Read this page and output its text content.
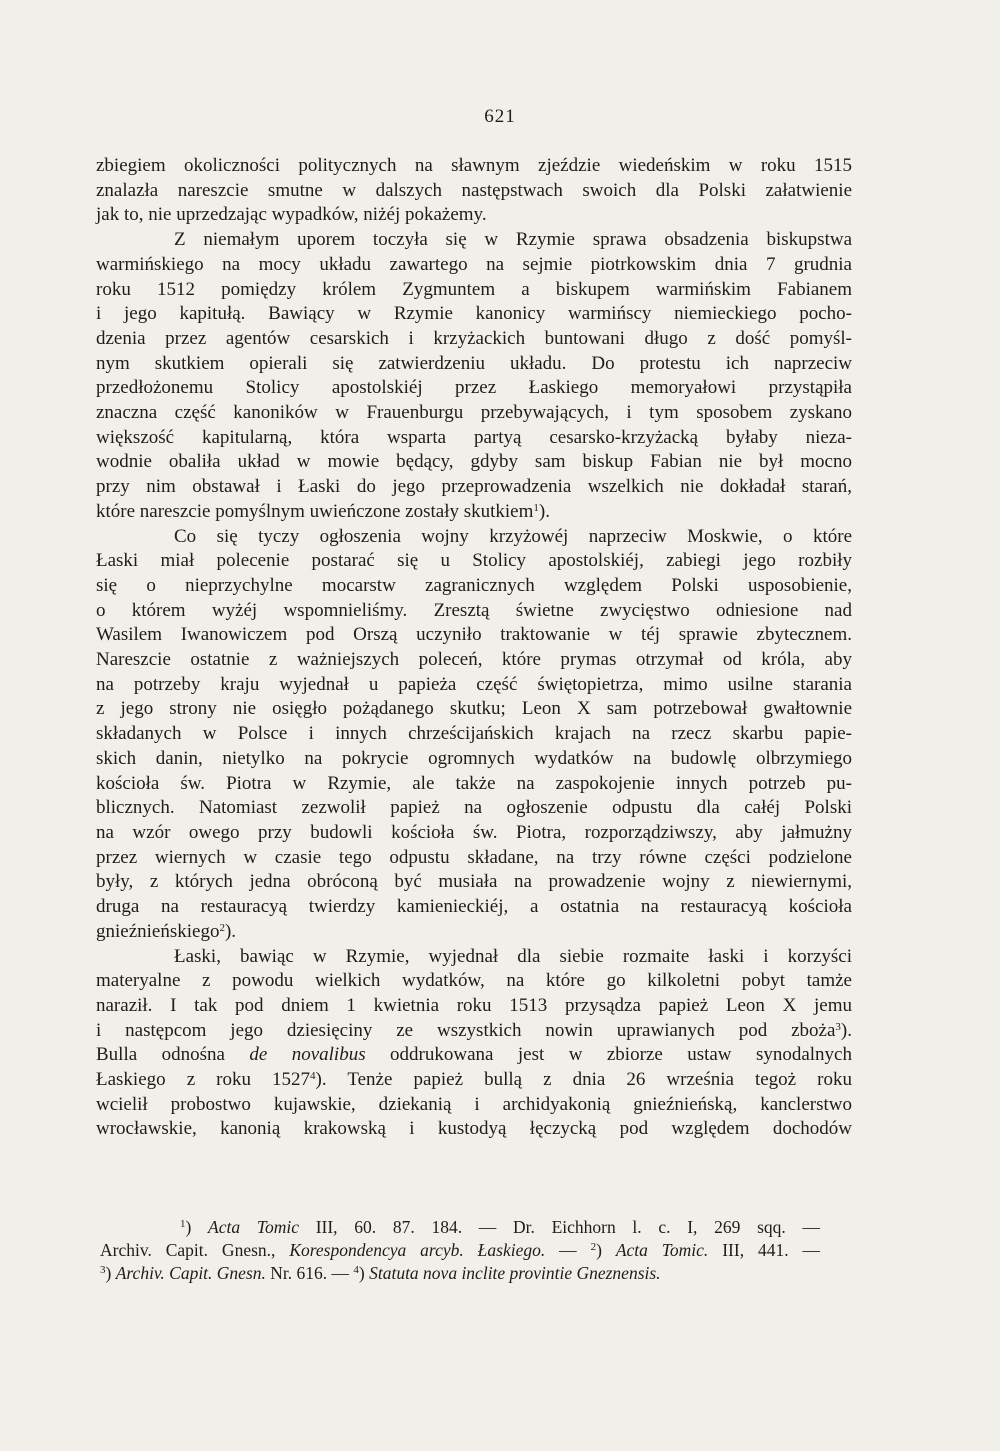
621
zbiegiem okoliczności politycznych na sławnym zjeździe wiedeńskim w roku 1515
znalazła nareszcie smutne w dalszych następstwach swoich dla Polski załatwienie
jak to, nie uprzedzając wypadków, niżéj pokażemy.
Z niemałym uporem toczyła się w Rzymie sprawa obsadzenia biskupstwa
warmińskiego na mocy układu zawartego na sejmie piotrkowskim dnia 7 grudnia
roku 1512 pomiędzy królem Zygmuntem a biskupem warmińskim Fabianem
i jego kapitułą. Bawiący w Rzymie kanonicy warmińscy niemieckiego pocho-
dzenia przez agentów cesarskich i krzyżackich buntowani długo z dość pomyśl-
nym skutkiem opierali się zatwierdzeniu układu. Do protestu ich naprzeciw
przedłożonemu Stolicy apostolskiéj przez Łaskiego memoryałowi przystąpiła
znaczna część kanoników w Frauenburgu przebywających, i tym sposobem zyskano
większość kapitularną, która wsparta partyą cesarsko-krzyżacką byłaby nieza-
wodnie obaliła układ w mowie będący, gdyby sam biskup Fabian nie był mocno
przy nim obstawał i Łaski do jego przeprowadzenia wszelkich nie dokładał starań,
które nareszcie pomyślnym uwieńczone zostały skutkiem$^1$).
Co się tyczy ogłoszenia wojny krzyżowéj naprzeciw Moskwie, o które
Łaski miał polecenie postarać się u Stolicy apostolskiéj, zabiegi jego rozbiły
się o nieprzychylne mocarstw zagranicznych względem Polski usposobienie,
o którem wyżéj wspomnieliśmy. Zresztą świetne zwycięstwo odniesione nad
Wasilem Iwanowiczem pod Orszą uczyniło traktowanie w téj sprawie zbytecznem.
Nareszcie ostatnie z ważniejszych poleceń, które prymas otrzymał od króla, aby
na potrzeby kraju wyjednał u papieża część świętopietrza, mimo usilne starania
z jego strony nie osięgło pożądanego skutku; Leon X sam potrzebował gwałtownie
składanych w Polsce i innych chrześcijańskich krajach na rzecz skarbu papie-
skich danin, nietylko na pokrycie ogromnych wydatków na budowlę olbrzymiego
kościoła św. Piotra w Rzymie, ale także na zaspokojenie innych potrzeb pu-
blicznych. Natomiast zezwolił papież na ogłoszenie odpustu dla całéj Polski
na wzór owego przy budowli kościoła św. Piotra, rozporządziwszy, aby jałmużny
przez wiernych w czasie tego odpustu składane, na trzy równe części podzielone
były, z których jedna obróconą być musiała na prowadzenie wojny z niewiernymi,
druga na restauracyą twierdzy kamienieckiéj, a ostatnia na restauracyą kościoła
gnieźnieńskiego$^2$).
Łaski, bawiąc w Rzymie, wyjednał dla siebie rozmaite łaski i korzyści
materyalne z powodu wielkich wydatków, na które go kilkoletni pobyt tamże
naraził. I tak pod dniem 1 kwietnia roku 1513 przysądza papież Leon X jemu
i następcom jego dziesięciny ze wszystkich nowin uprawianych pod zboża$^3$).
Bulla odnośna de novalibus oddrukowana jest w zbiorze ustaw synodalnych
Łaskiego z roku 1527$^4$). Tenże papież bullą z dnia 26 września tegoż roku
wcielił probostwo kujawskie, dziekanią i archidyakonią gnieźnieńską, kanclerstwo
wrocławskie, kanonią krakowską i kustodyą łęczycką pod względem dochodów
$^1$) Acta Tomic III, 60. 87. 184. — Dr. Eichhorn l. c. I, 269 sqq. —
Archiv. Capit. Gnesn., Korespondencya arcyb. Łaskiego. — $^2$) Acta Tomic. III, 441. —
$^3$) Archiv. Capit. Gnesn. Nr. 616. — $^4$) Statuta nova inclite provintie Gneznensis.
